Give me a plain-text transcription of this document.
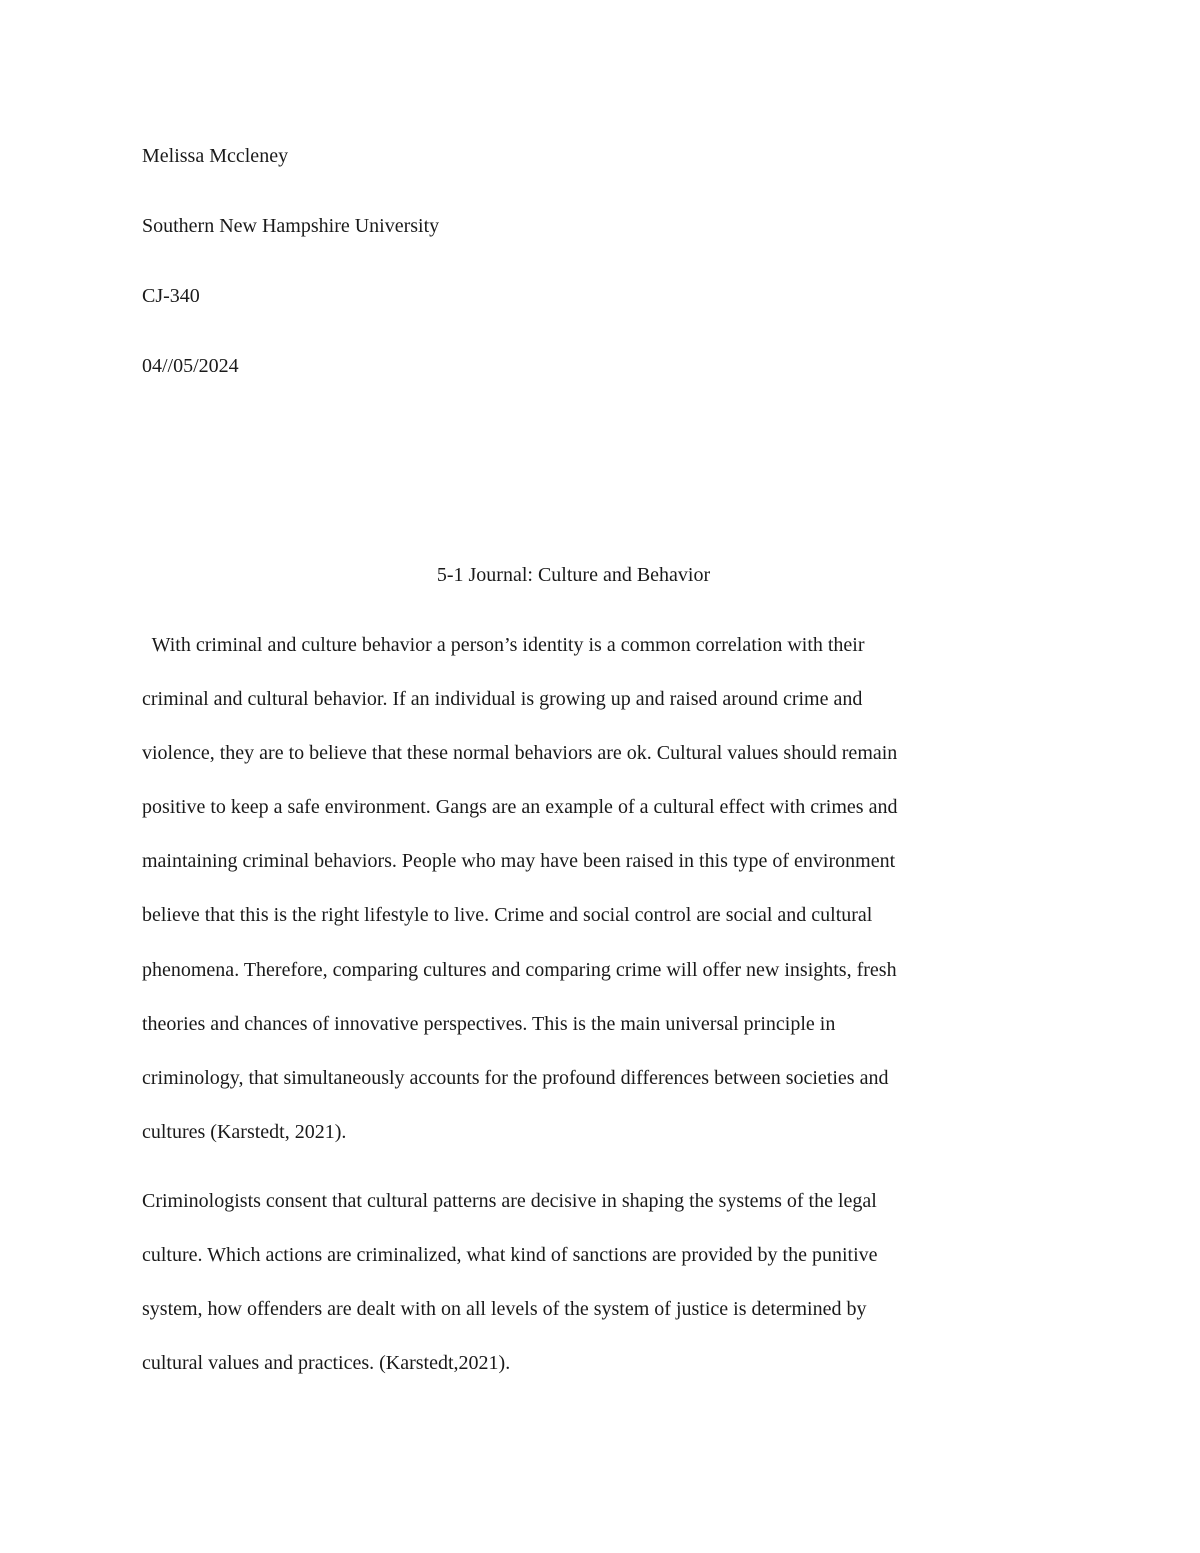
Melissa Mccleney
Southern New Hampshire University
CJ-340
04//05/2024
5-1 Journal: Culture and Behavior
With criminal and culture behavior a person’s identity is a common correlation with their
criminal and cultural behavior. If an individual is growing up and raised around crime and
violence, they are to believe that these normal behaviors are ok. Cultural values should remain
positive to keep a safe environment. Gangs are an example of a cultural effect with crimes and
maintaining criminal behaviors. People who may have been raised in this type of environment
believe that this is the right lifestyle to live. Crime and social control are social and cultural
phenomena. Therefore, comparing cultures and comparing crime will offer new insights, fresh
theories and chances of innovative perspectives. This is the main universal principle in
criminology, that simultaneously accounts for the profound differences between societies and
cultures (Karstedt, 2021).
Criminologists consent that cultural patterns are decisive in shaping the systems of the legal
culture. Which actions are criminalized, what kind of sanctions are provided by the punitive
system, how offenders are dealt with on all levels of the system of justice is determined by
cultural values and practices. (Karstedt,2021).
